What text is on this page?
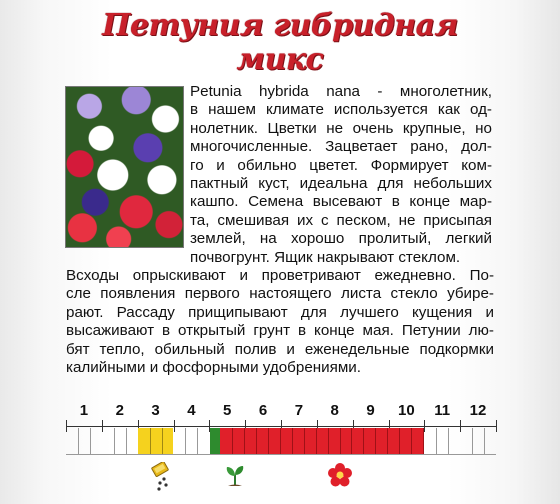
Петуния гибридная
микс
Petunia hybrida nana - многолетник,
в нашем климате используется как од-
нолетник. Цветки не очень крупные, но
многочисленные. Зацветает рано, дол-
го и обильно цветет. Формирует ком-
пактный куст, идеальна для небольших
кашпо. Семена высевают в конце мар-
та, смешивая их с песком, не присыпая
землей, на хорошо пролитый, легкий
почвогрунт. Ящик накрывают стеклом.
Всходы опрыскивают и проветривают ежедневно. По-
сле появления первого настоящего листа стекло убире-
рают. Рассаду прищипывают для лучшего кущения и
высаживают в открытый грунт в конце мая. Петунии лю-
бят тепло, обильный полив и еженедельные подкормки
калийными и фосфорными удобрениями.
1	2	3	4	5	6	7	8	9	10	11	12
